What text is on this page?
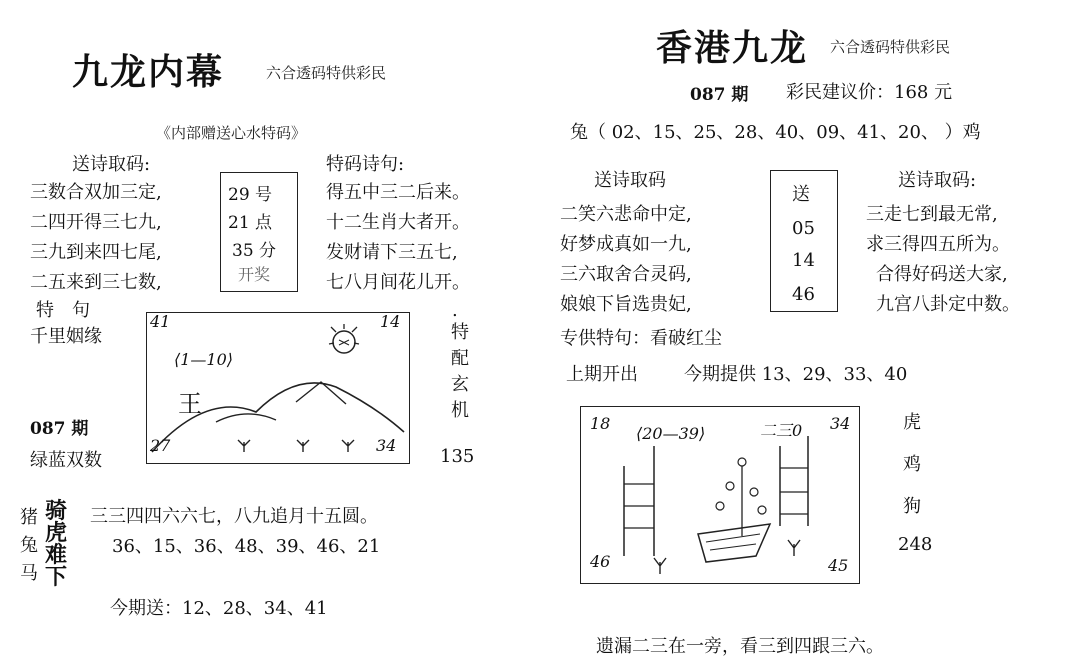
九龙内幕	六合透码特供彩民
《内部赠送心水特码》
送诗取码:
三数合双加三定,
二四开得三七九,
三九到来四七尾,
二五来到三七数,
29 号
21 点
35 分
开奖
特码诗句:
得五中三二后来。
十二生肖大者开。
发财请下三五七,
七八月间花儿开。
特　句
千里姻缘
087 期
绿蓝双数
41	14
27	34
⟨1—10⟩
王
.
特
配
玄
机
135
猪
兔
马
骑
虎
难
下
三三四四六六七，八九追月十五圆。
36、15、36、48、39、46、21
今期送：12、28、34、41
香港九龙 六合透码特供彩民
087 期 彩民建议价：168 元
兔（ 02、15、25、28、40、09、41、20、 ）鸡
送诗取码
二笑六悲命中定,
好梦成真如一九,
三六取舍合灵码,
娘娘下旨选贵妃,
送
05
14
46
送诗取码:
三走七到最无常,
求三得四五所为。
合得好码送大家,
九宫八卦定中数。
专供特句：看破红尘
上期开出	今期提供 13、29、33、40
18	34
46	45
⟨20—39⟩	二三0	虎
鸡
狗
248
遗漏二三在一旁，看三到四跟三六。
